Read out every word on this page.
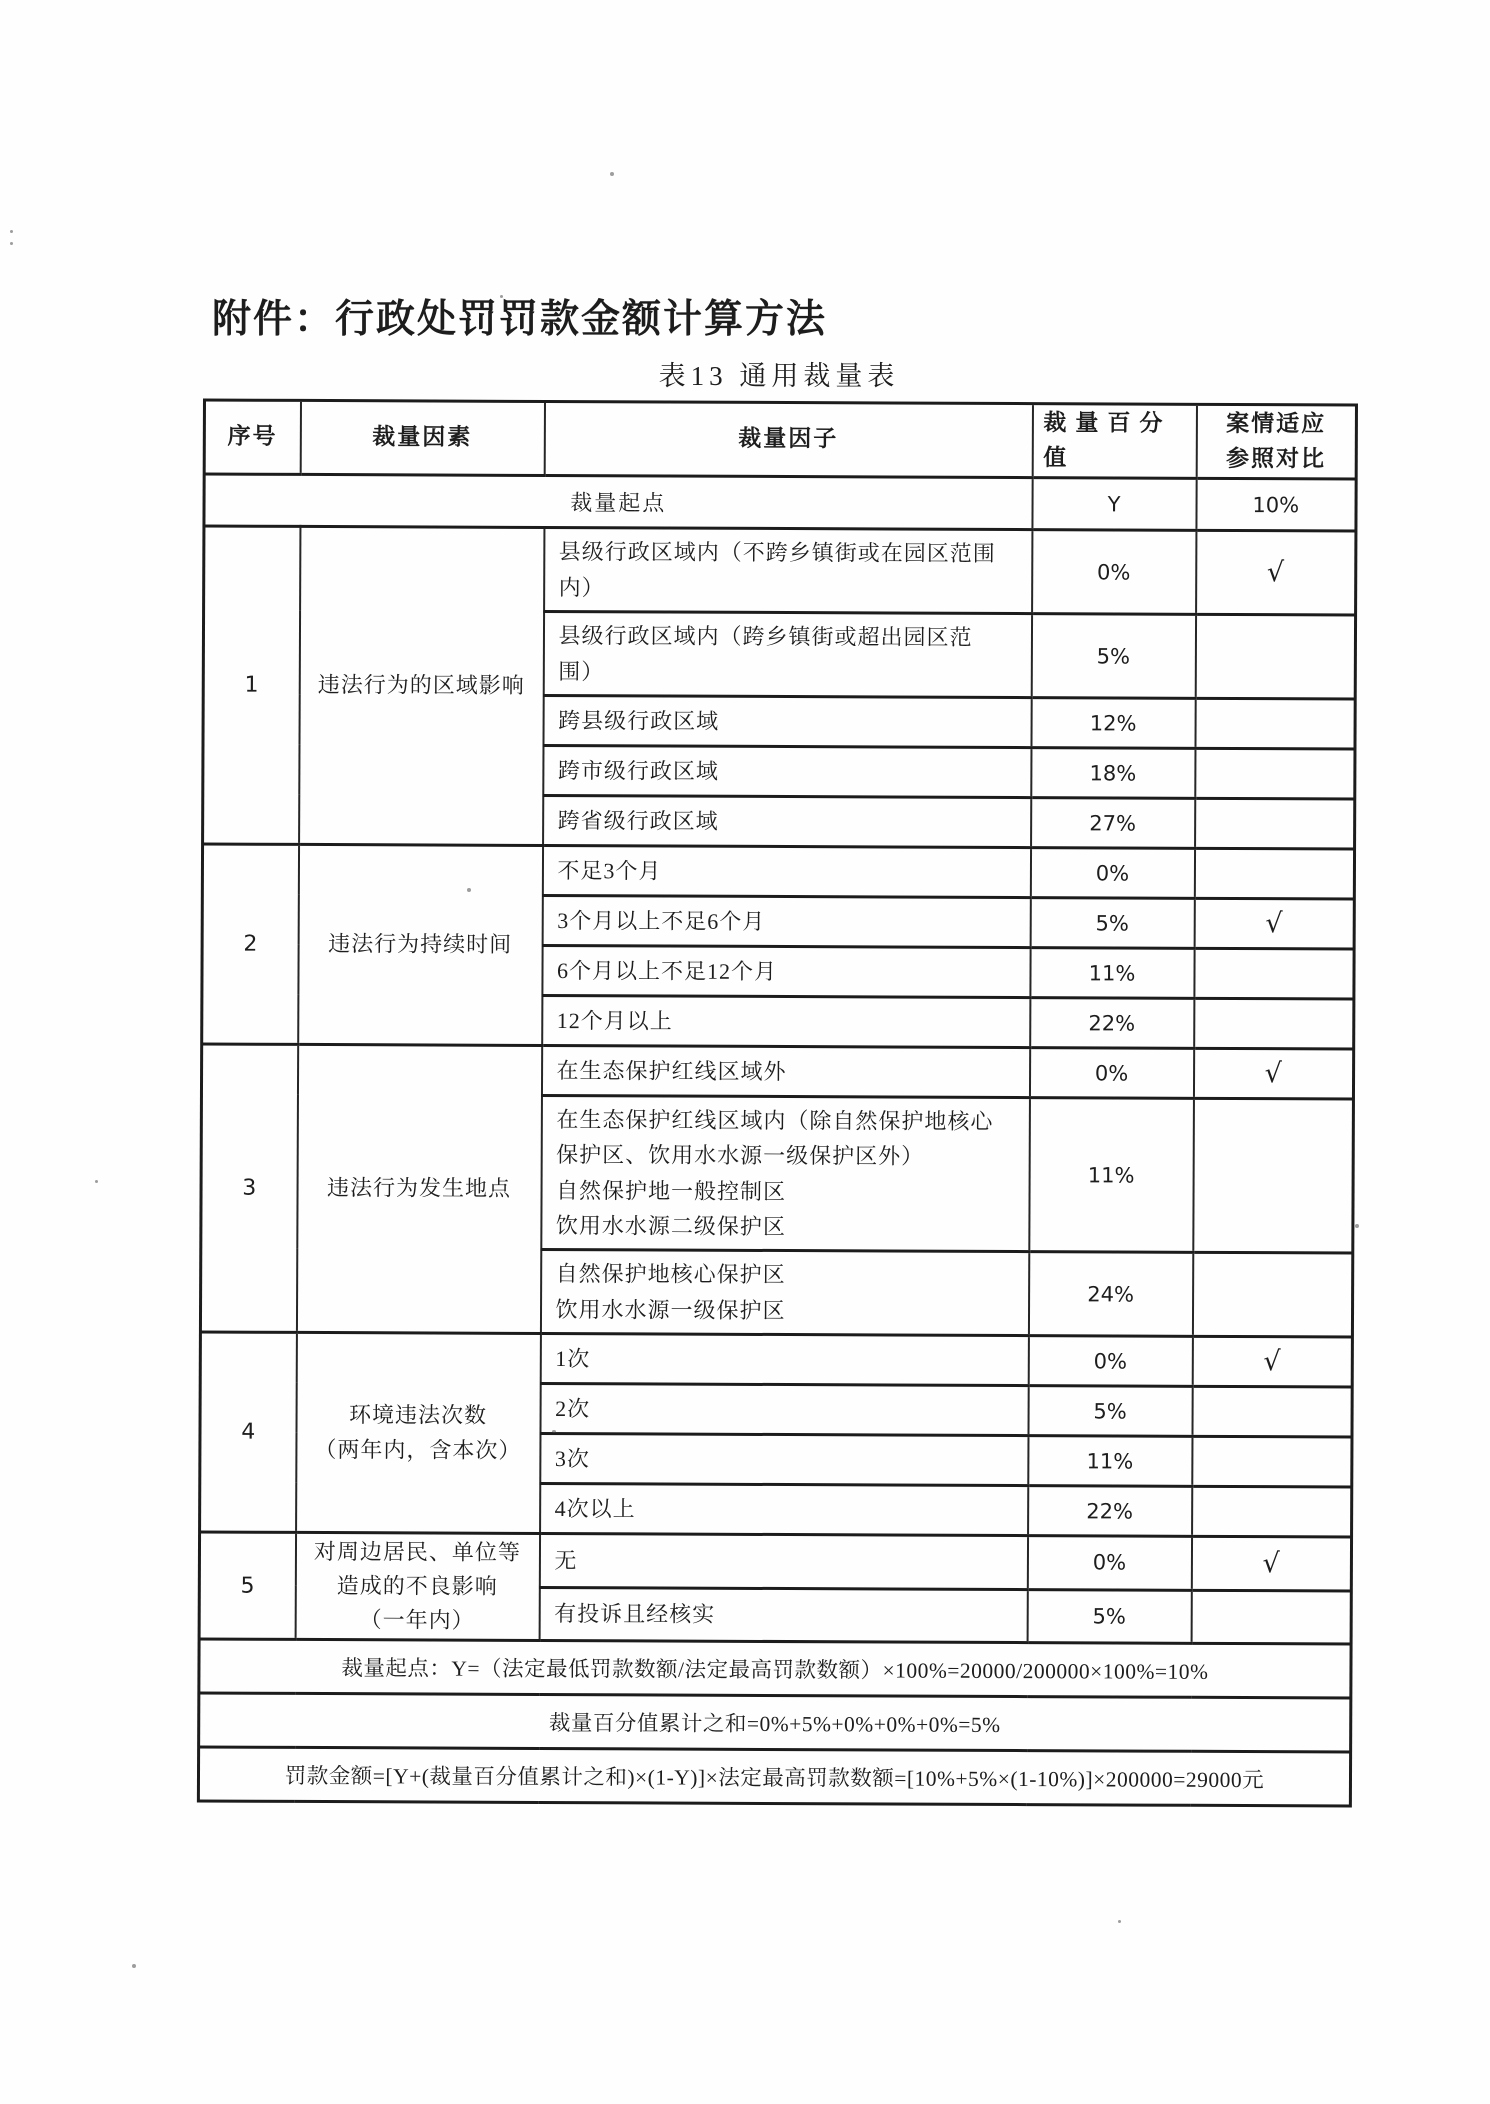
附件：行政处罚罚款金额计算方法
表13 通用裁量表
序号	裁量因素	裁量因子	裁量百分
值	案情适应
参照对比
裁量起点			Y	10%
1	违法行为的区域影响	县级行政区域内（不跨乡镇街或在园区范围
内）	0%	√
		县级行政区域内（跨乡镇街或超出园区范
围）	5%	
		跨县级行政区域	12%	
		跨市级行政区域	18%	
		跨省级行政区域	27%	
2	违法行为持续时间	不足3个月	0%	
		3个月以上不足6个月	5%	√
		6个月以上不足12个月	11%	
		12个月以上	22%	
3	违法行为发生地点	在生态保护红线区域外	0%	√
		在生态保护红线区域内（除自然保护地核心
保护区、饮用水水源一级保护区外）
自然保护地一般控制区
饮用水水源二级保护区	11%	
		自然保护地核心保护区
饮用水水源一级保护区	24%	
4	环境违法次数
（两年内，含本次）	1次	0%	√
		2次	5%	
		3次	11%	
		4次以上	22%	
5	对周边居民、单位等
造成的不良影响
（一年内）	无	0%	√
		有投诉且经核实	5%	
裁量起点：Y=（法定最低罚款数额/法定最高罚款数额）×100%=20000/200000×100%=10%				
裁量百分值累计之和=0%+5%+0%+0%+0%=5%				
罚款金额=[Y+(裁量百分值累计之和)×(1-Y)]×法定最高罚款数额=[10%+5%×(1-10%)]×200000=29000元				
